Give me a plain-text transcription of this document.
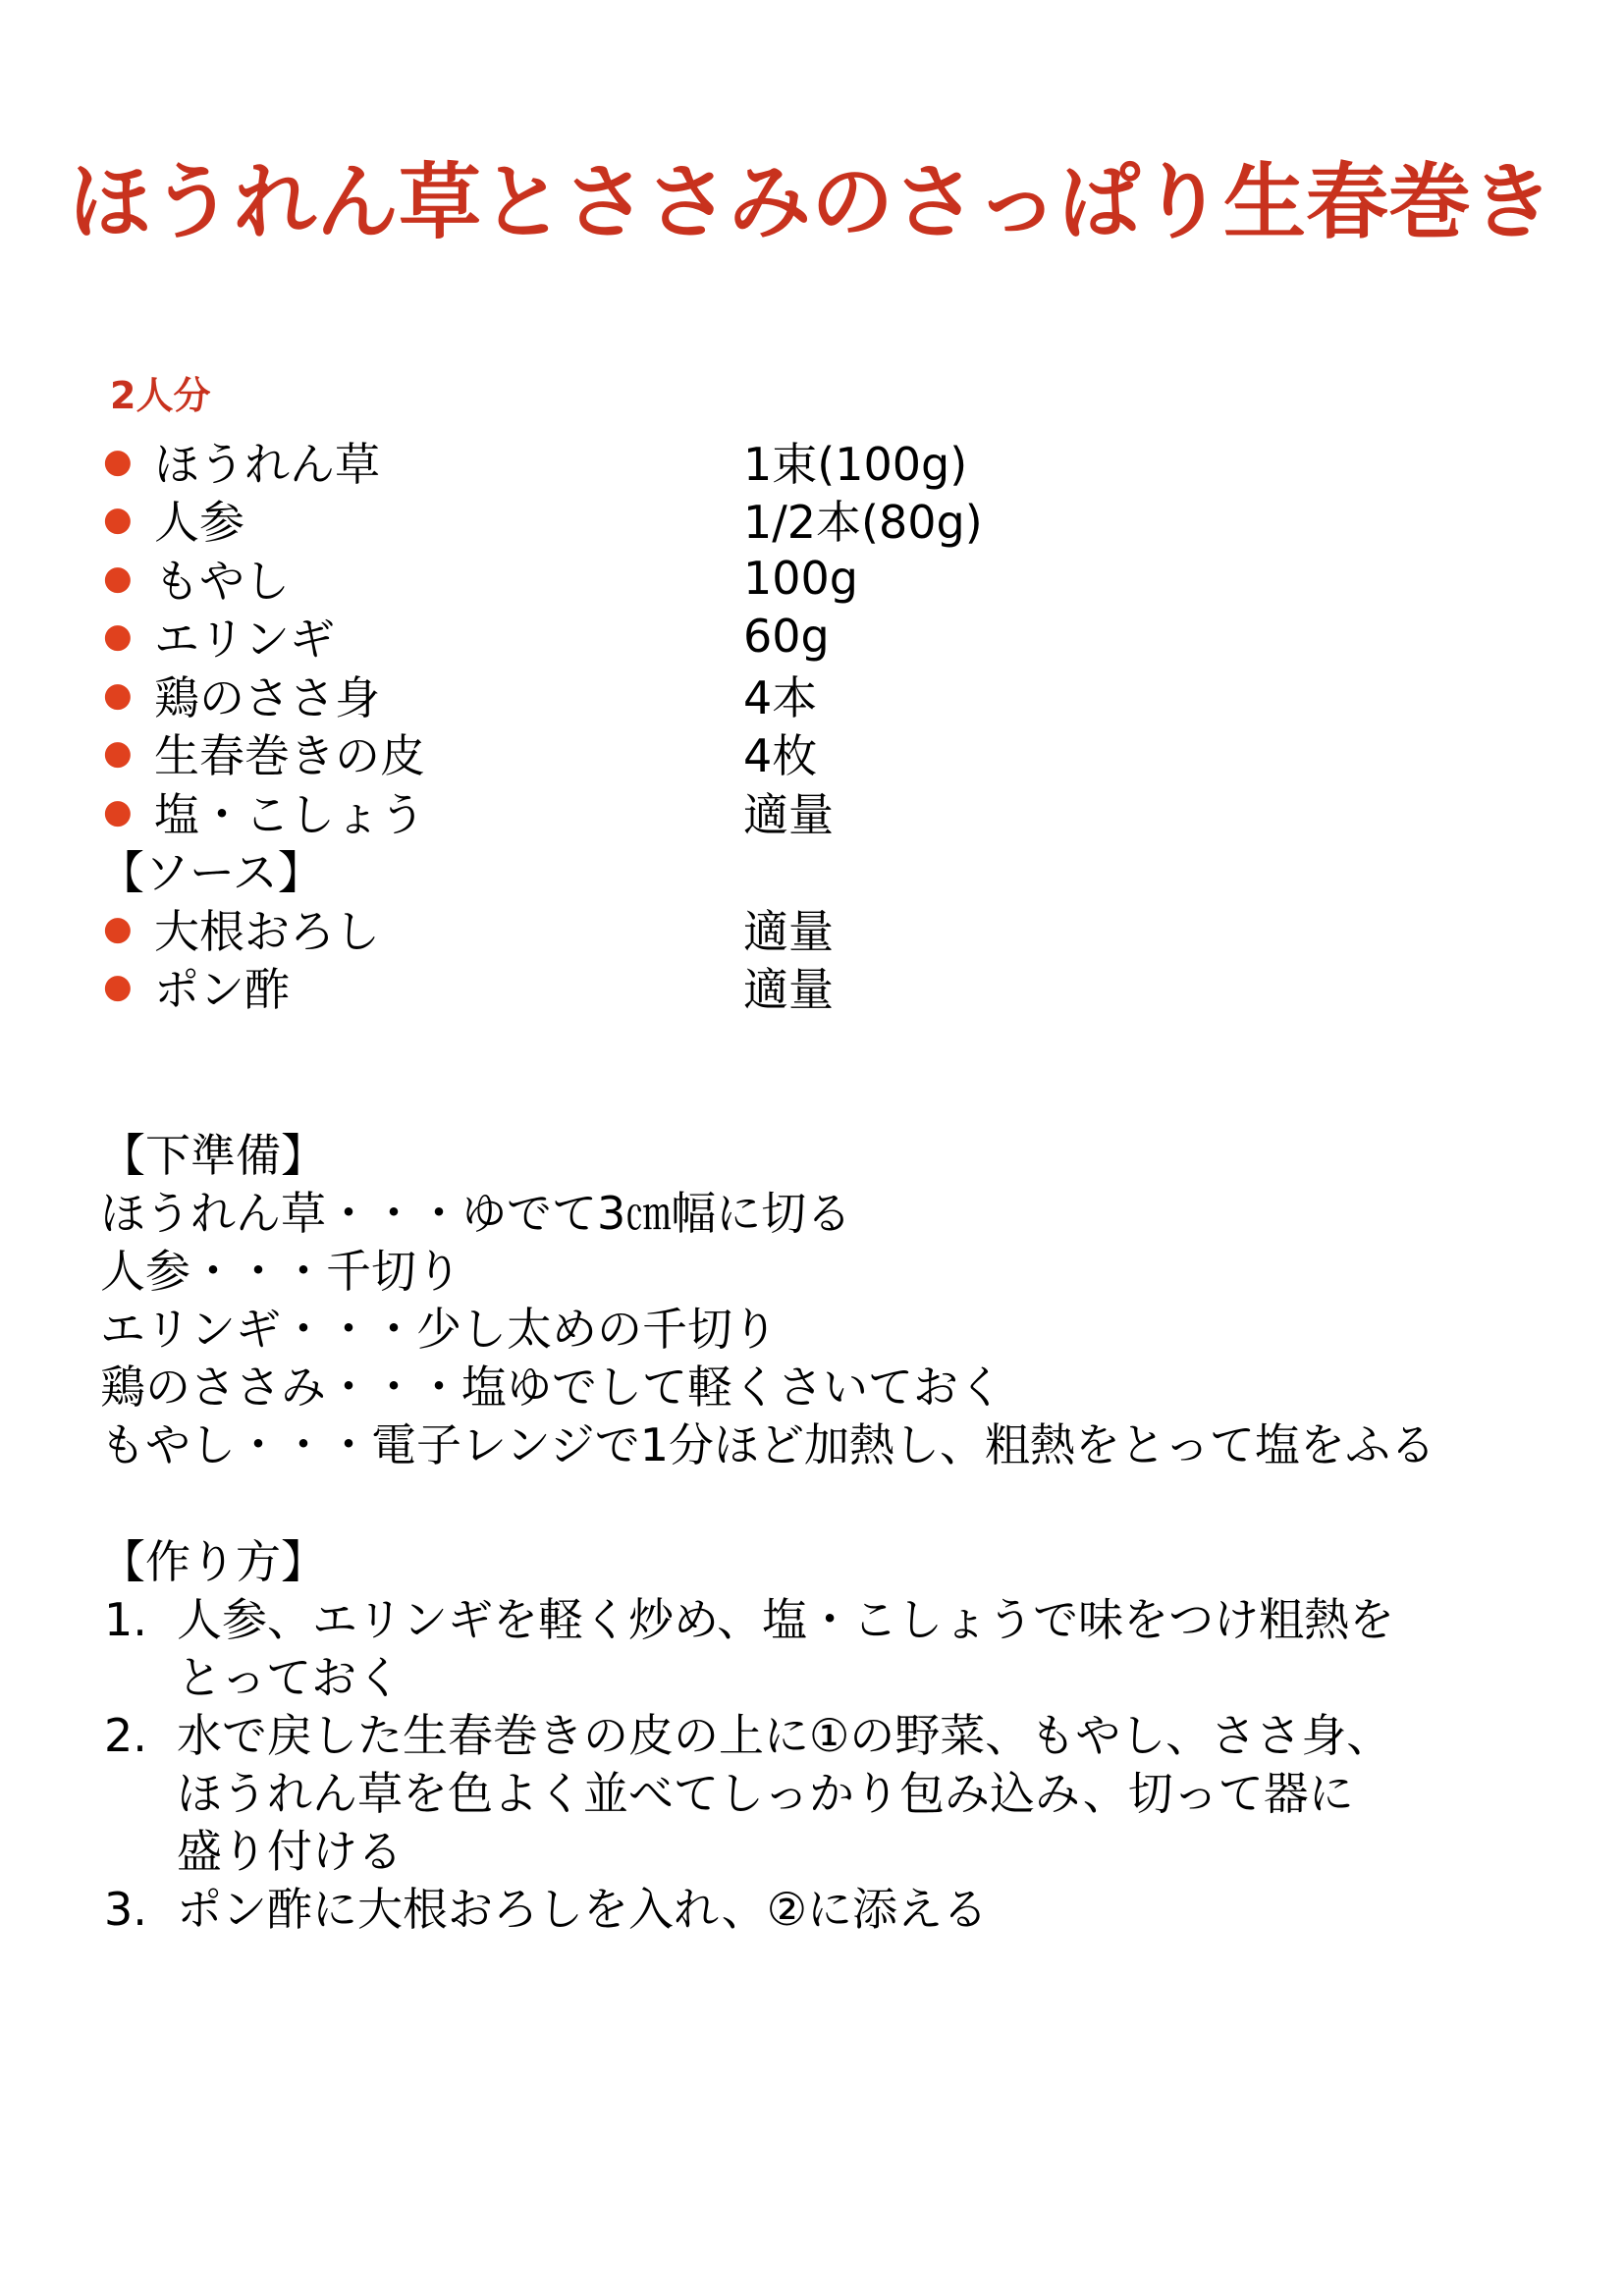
ほうれん草とささみのさっぱり生春巻き
2人分
● ほうれん草	1束(100g)
● 人参	1/2本(80g)
● もやし	100g
● エリンギ	60g
● 鶏のささ身	4本
● 生春巻きの皮	4枚
● 塩・こしょう	適量
【ソース】
● 大根おろし	適量
● ポン酢	適量
【下準備】
ほうれん草・・・ゆでて3㎝幅に切る
人参・・・千切り
エリンギ・・・少し太めの千切り
鶏のささみ・・・塩ゆでして軽くさいておく
もやし・・・電子レンジで1分ほど加熱し、粗熱をとって塩をふる
【作り方】
1. 人参、エリンギを軽く炒め、塩・こしょうで味をつけ粗熱を
とっておく
2. 水で戻した生春巻きの皮の上に①の野菜、もやし、ささ身、
ほうれん草を色よく並べてしっかり包み込み、切って器に
盛り付ける
3. ポン酢に大根おろしを入れ、②に添える
